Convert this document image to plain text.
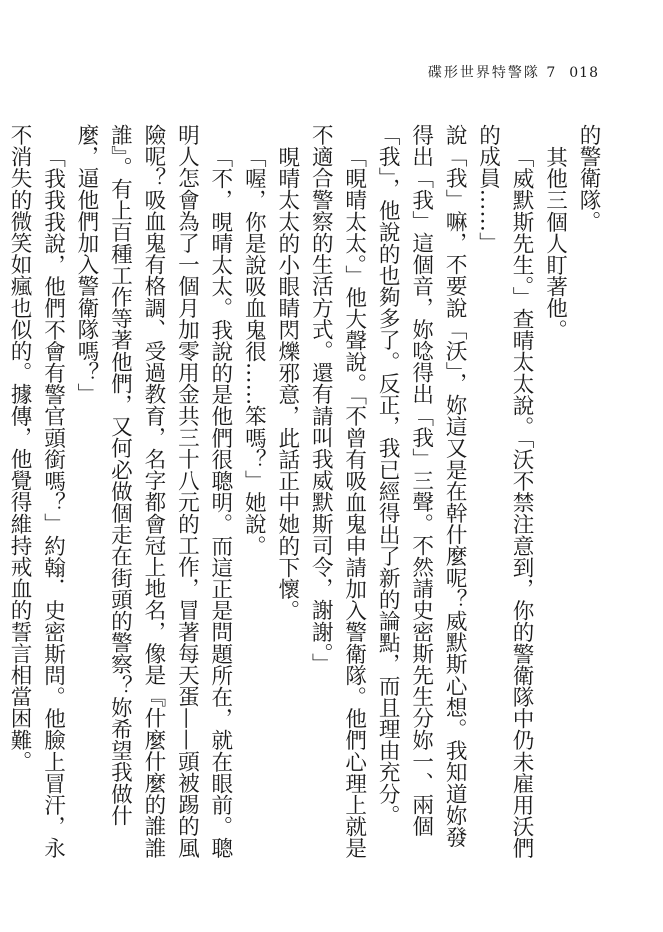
碟形世界特警隊 7 018

的警衛隊。

其他三個人盯著他。

「威默斯先生。」查晴太太說。「沃不禁注意到，你的警衛隊中仍未雇用沃們的成員……」

說「我」嘛，不要說「沃」，妳這又是在幹什麼呢？威默斯心想。我知道妳發得出「我」這個音，妳唸得出「我」三聲。不然請史密斯先生分妳一、兩個「我」，他說的也夠多了。反正，我已經得出了新的論點，而且理由充分。

「晛晴太太。」他大聲說。「不曾有吸血鬼申請加入警衛隊。他們心理上就是不適合警察的生活方式。還有請叫我威默斯司令，謝謝。」

晛晴太太的小眼睛閃爍邪意，此話正中她的下懷。

「喔，你是說吸血鬼很……笨嗎？」她說。

「不，晛晴太太。我說的是他們很聰明。而這正是問題所在，就在眼前。聰明人怎會為了一個月加零用金共三十八元的工作，冒著每天蛋——頭被踢的風險呢？吸血鬼有格調、受過教育，名字都會冠上地名，像是『什麼什麼的誰誰誰』。有上百種工作等著他們，又何必做個走在街頭的警察？妳希望我做什麼，逼他們加入警衛隊嗎？」

「我我我說，他們不會有警官頭銜嗎？」約翰．史密斯問。他臉上冒汗，永不消失的微笑如瘋也似的。據傳，他覺得維持戒血的誓言相當困難。
